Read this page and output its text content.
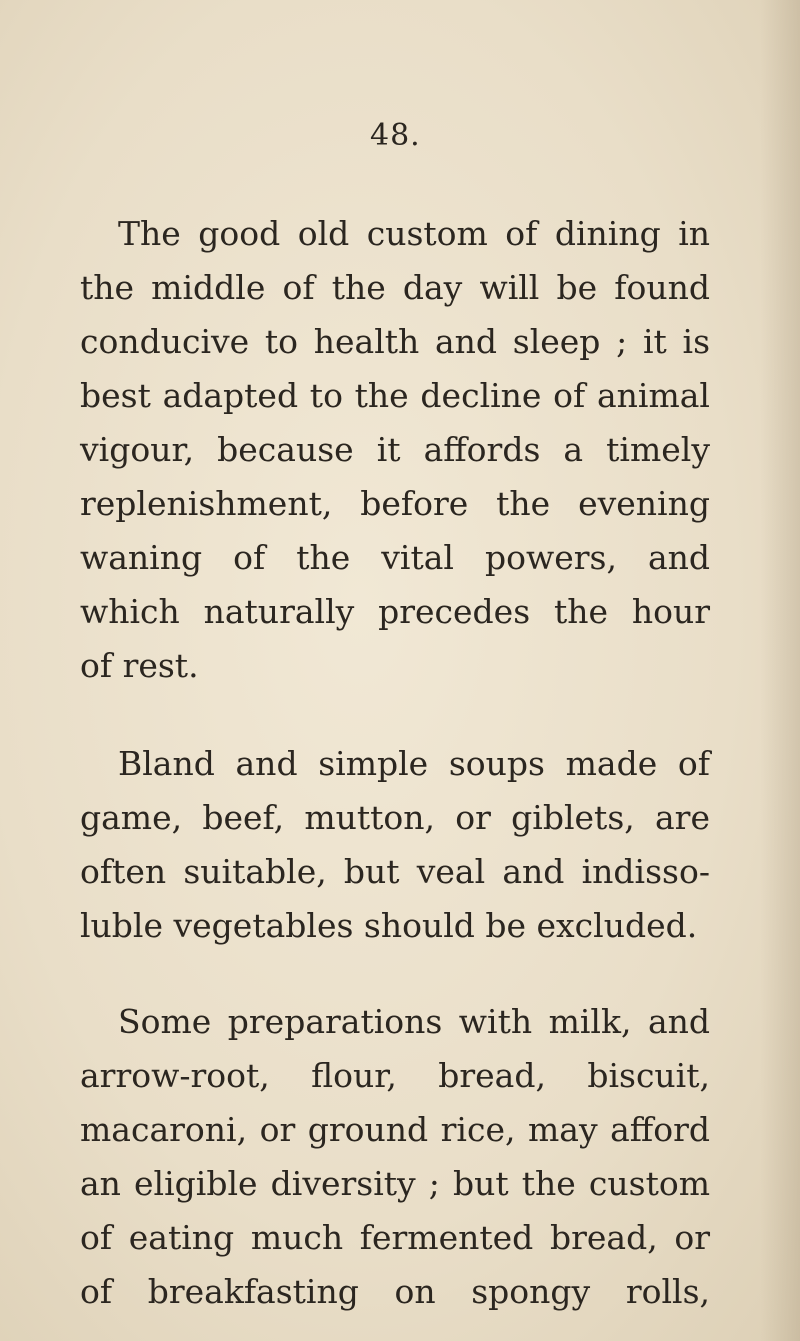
48.
The good old custom of dining in
the middle of the day will be found
conducive to health and sleep ; it is
best adapted to the decline of animal
vigour, because it affords a timely
replenishment, before the evening
waning of the vital powers, and
which naturally precedes the hour
of rest.
Bland and simple soups made of
game, beef, mutton, or giblets, are
often suitable, but veal and indisso-
luble vegetables should be excluded.
Some preparations with milk, and
arrow-root, flour, bread, biscuit,
macaroni, or ground rice, may afford
an eligible diversity ; but the custom
of eating much fermented bread, or
of breakfasting on spongy rolls,
